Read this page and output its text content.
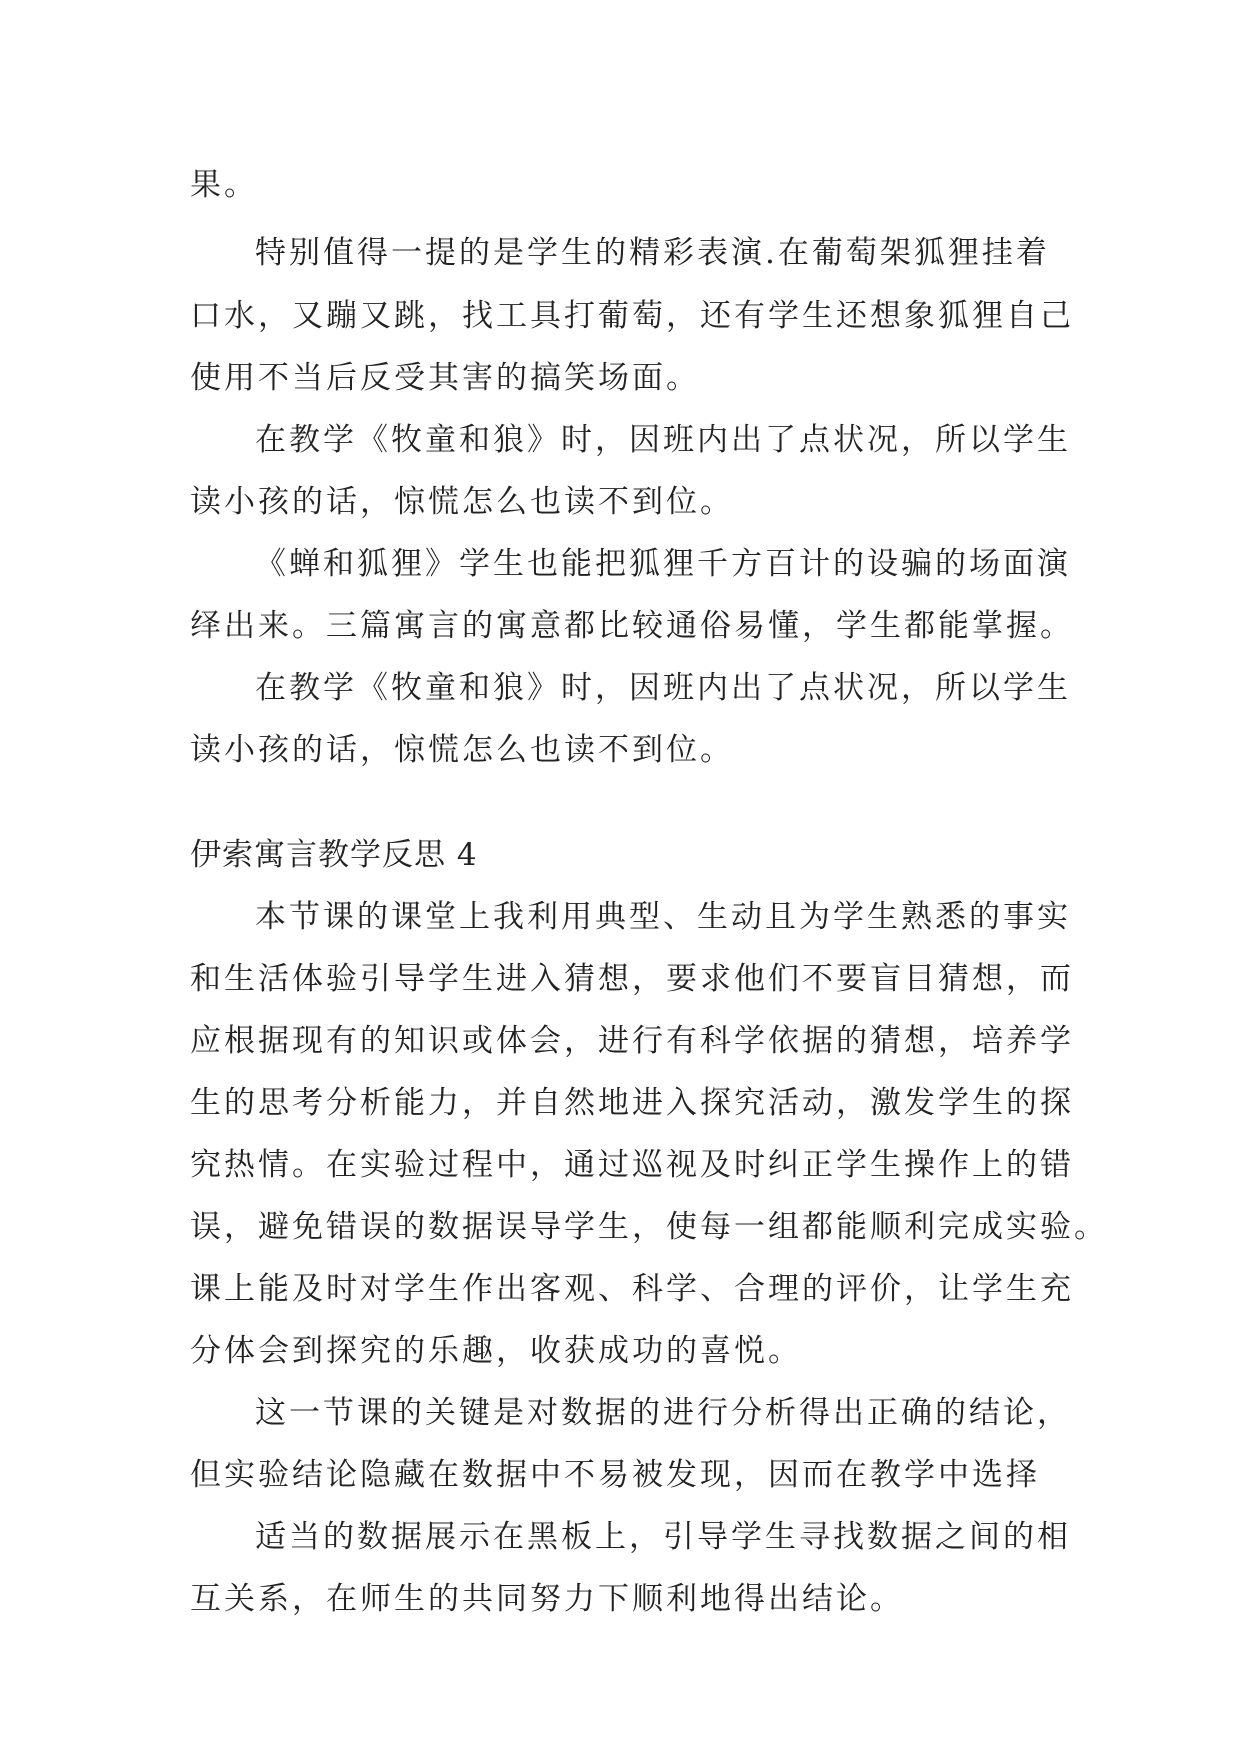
果。
特别值得一提的是学生的精彩表演.在葡萄架狐狸挂着
口水，又蹦又跳，找工具打葡萄，还有学生还想象狐狸自己
使用不当后反受其害的搞笑场面。
在教学《牧童和狼》时，因班内出了点状况，所以学生
读小孩的话，惊慌怎么也读不到位。
《蝉和狐狸》学生也能把狐狸千方百计的设骗的场面演
绎出来。三篇寓言的寓意都比较通俗易懂，学生都能掌握。
在教学《牧童和狼》时，因班内出了点状况，所以学生
读小孩的话，惊慌怎么也读不到位。
伊索寓言教学反思 4
本节课的课堂上我利用典型、生动且为学生熟悉的事实
和生活体验引导学生进入猜想，要求他们不要盲目猜想，而
应根据现有的知识或体会，进行有科学依据的猜想，培养学
生的思考分析能力，并自然地进入探究活动，激发学生的探
究热情。在实验过程中，通过巡视及时纠正学生操作上的错
误，避免错误的数据误导学生，使每一组都能顺利完成实验。
课上能及时对学生作出客观、科学、合理的评价，让学生充
分体会到探究的乐趣，收获成功的喜悦。
这一节课的关键是对数据的进行分析得出正确的结论，
但实验结论隐藏在数据中不易被发现，因而在教学中选择
适当的数据展示在黑板上，引导学生寻找数据之间的相
互关系，在师生的共同努力下顺利地得出结论。
